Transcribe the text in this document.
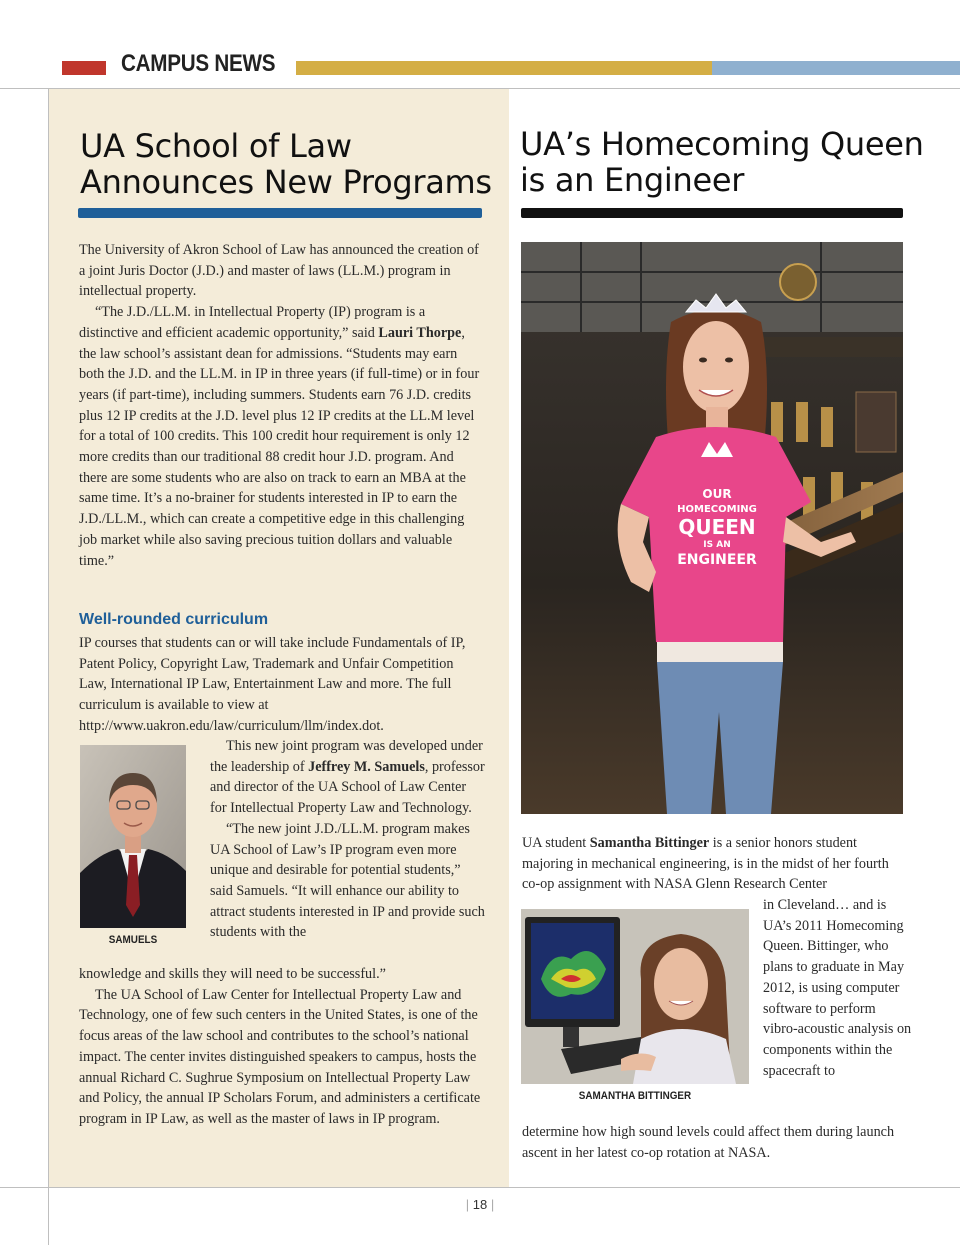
CAMPUS NEWS
UA School of Law Announces New Programs

The University of Akron School of Law has announced the creation of a joint Juris Doctor (J.D.) and master of laws (LL.M.) program in intellectual property.

“The J.D./LL.M. in Intellectual Property (IP) program is a distinctive and efficient academic opportunity,” said Lauri Thorpe, the law school’s assistant dean for admissions. “Students may earn both the J.D. and the LL.M. in IP in three years (if full-time) or in four years (if part-time), including summers. Students earn 76 J.D. credits plus 12 IP credits at the J.D. level plus 12 IP credits at the LL.M level for a total of 100 credits. This 100 credit hour requirement is only 12 more credits than our traditional 88 credit hour J.D. program. And there are some students who are also on track to earn an MBA at the same time. It’s a no-brainer for students interested in IP to earn the J.D./LL.M., which can create a competitive edge in this challenging job market while also saving precious tuition dollars and valuable time.”

Well-rounded curriculum

IP courses that students can or will take include Fundamentals of IP, Patent Policy, Copyright Law, Trademark and Unfair Competition Law, International IP Law, Entertainment Law and more. The full curriculum is available to view at http://www.uakron.edu/law/curriculum/llm/index.dot.

SAMUELS

This new joint program was developed under the leadership of Jeffrey M. Samuels, professor and director of the UA School of Law Center for Intellectual Property Law and Technology.

“The new joint J.D./LL.M. program makes UA School of Law’s IP program even more unique and desirable for potential students,” said Samuels. “It will enhance our ability to attract students interested in IP and provide such students with the

knowledge and skills they will need to be successful.”

The UA School of Law Center for Intellectual Property Law and Technology, one of few such centers in the United States, is one of the focus areas of the law school and contributes to the school’s national impact. The center invites distinguished speakers to campus, hosts the annual Richard C. Sughrue Symposium on Intellectual Property Law and Policy, the annual IP Scholars Forum, and administers a certificate program in IP Law, as well as the master of laws in IP program.

UA’s Homecoming Queen is an Engineer
OUR
HOMECOMING
QUEEN
IS AN
ENGINEER

UA student Samantha Bittinger is a senior honors student majoring in mechanical engineering, is in the midst of her fourth co-op assignment with NASA Glenn Research Center

SAMANTHA BITTINGER

in Cleveland… and is UA’s 2011 Homecoming Queen. Bittinger, who plans to graduate in May 2012, is using computer software to perform vibro-acoustic analysis on components within the spacecraft to

determine how high sound levels could affect them during launch ascent in her latest co-op rotation at NASA.

| 18 |
